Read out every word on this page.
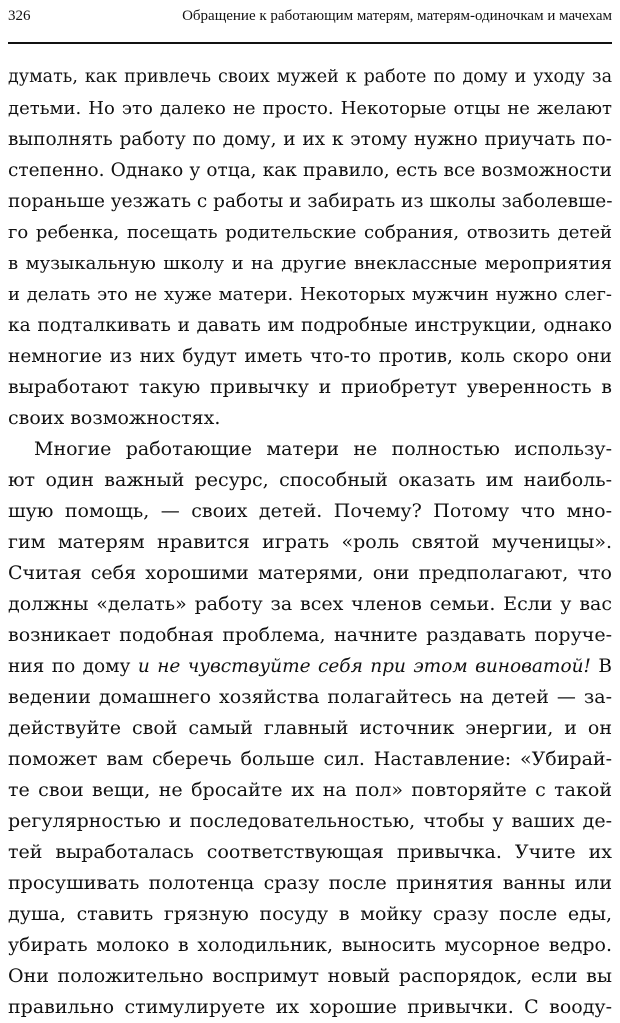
326	Обращение к работающим матерям, матерям-одиночкам и мачехам
думать, как привлечь своих мужей к работе по дому и уходу за
детьми. Но это далеко не просто. Некоторые отцы не желают
выполнять работу по дому, и их к этому нужно приучать по-
степенно. Однако у отца, как правило, есть все возможности
пораньше уезжать с работы и забирать из школы заболевше-
го ребенка, посещать родительские собрания, отвозить детей
в музыкальную школу и на другие внеклассные мероприятия
и делать это не хуже матери. Некоторых мужчин нужно слег-
ка подталкивать и давать им подробные инструкции, однако
немногие из них будут иметь что-то против, коль скоро они
выработают такую привычку и приобретут уверенность в
своих возможностях.
Многие работающие матери не полностью использу-
ют один важный ресурс, способный оказать им наиболь-
шую помощь, — своих детей. Почему? Потому что мно-
гим матерям нравится играть «роль святой мученицы».
Считая себя хорошими матерями, они предполагают, что
должны «делать» работу за всех членов семьи. Если у вас
возникает подобная проблема, начните раздавать поруче-
ния по дому и не чувствуйте себя при этом виноватой! В
ведении домашнего хозяйства полагайтесь на детей — за-
действуйте свой самый главный источник энергии, и он
поможет вам сберечь больше сил. Наставление: «Убирай-
те свои вещи, не бросайте их на пол» повторяйте с такой
регулярностью и последовательностью, чтобы у ваших де-
тей выработалась соответствующая привычка. Учите их
просушивать полотенца сразу после принятия ванны или
душа, ставить грязную посуду в мойку сразу после еды,
убирать молоко в холодильник, выносить мусорное ведро.
Они положительно воспримут новый распорядок, если вы
правильно стимулируете их хорошие привычки. С вооду-
